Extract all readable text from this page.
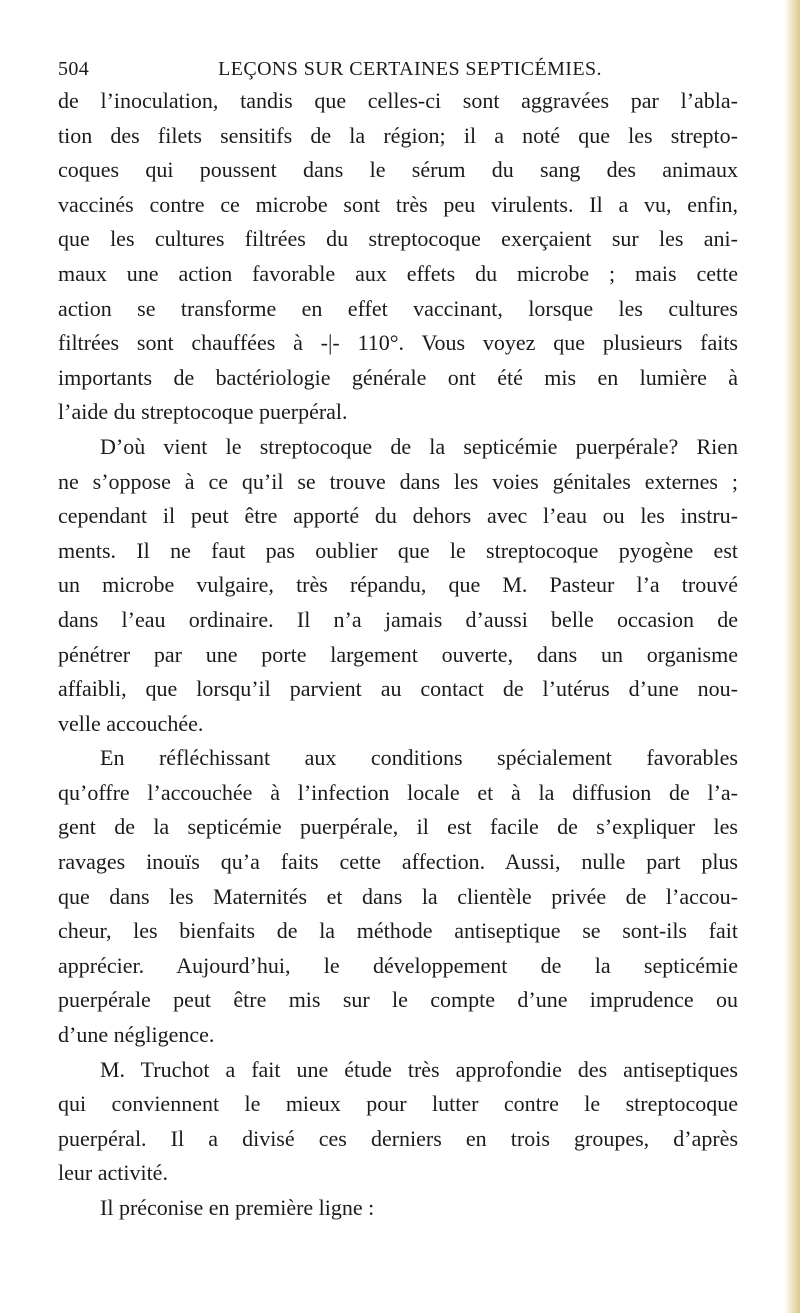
504	LEÇONS SUR CERTAINES SEPTICÉMIES.
de l’inoculation, tandis que celles-ci sont aggravées par l’abla-
tion des filets sensitifs de la région; il a noté que les strepto-
coques qui poussent dans le sérum du sang des animaux
vaccinés contre ce microbe sont très peu virulents. Il a vu, enfin,
que les cultures filtrées du streptocoque exerçaient sur les ani-
maux une action favorable aux effets du microbe ; mais cette
action se transforme en effet vaccinant, lorsque les cultures
filtrées sont chauffées à -|- 110°. Vous voyez que plusieurs faits
importants de bactériologie générale ont été mis en lumière à
l’aide du streptocoque puerpéral.
D’où vient le streptocoque de la septicémie puerpérale? Rien
ne s’oppose à ce qu’il se trouve dans les voies génitales externes ;
cependant il peut être apporté du dehors avec l’eau ou les instru-
ments. Il ne faut pas oublier que le streptocoque pyogène est
un microbe vulgaire, très répandu, que M. Pasteur l’a trouvé
dans l’eau ordinaire. Il n’a jamais d’aussi belle occasion de
pénétrer par une porte largement ouverte, dans un organisme
affaibli, que lorsqu’il parvient au contact de l’utérus d’une nou-
velle accouchée.
En réfléchissant aux conditions spécialement favorables
qu’offre l’accouchée à l’infection locale et à la diffusion de l’a-
gent de la septicémie puerpérale, il est facile de s’expliquer les
ravages inouïs qu’a faits cette affection. Aussi, nulle part plus
que dans les Maternités et dans la clientèle privée de l’accou-
cheur, les bienfaits de la méthode antiseptique se sont-ils fait
apprécier. Aujourd’hui, le développement de la septicémie
puerpérale peut être mis sur le compte d’une imprudence ou
d’une négligence.
M. Truchot a fait une étude très approfondie des antiseptiques
qui conviennent le mieux pour lutter contre le streptocoque
puerpéral. Il a divisé ces derniers en trois groupes, d’après
leur activité.
Il préconise en première ligne :
